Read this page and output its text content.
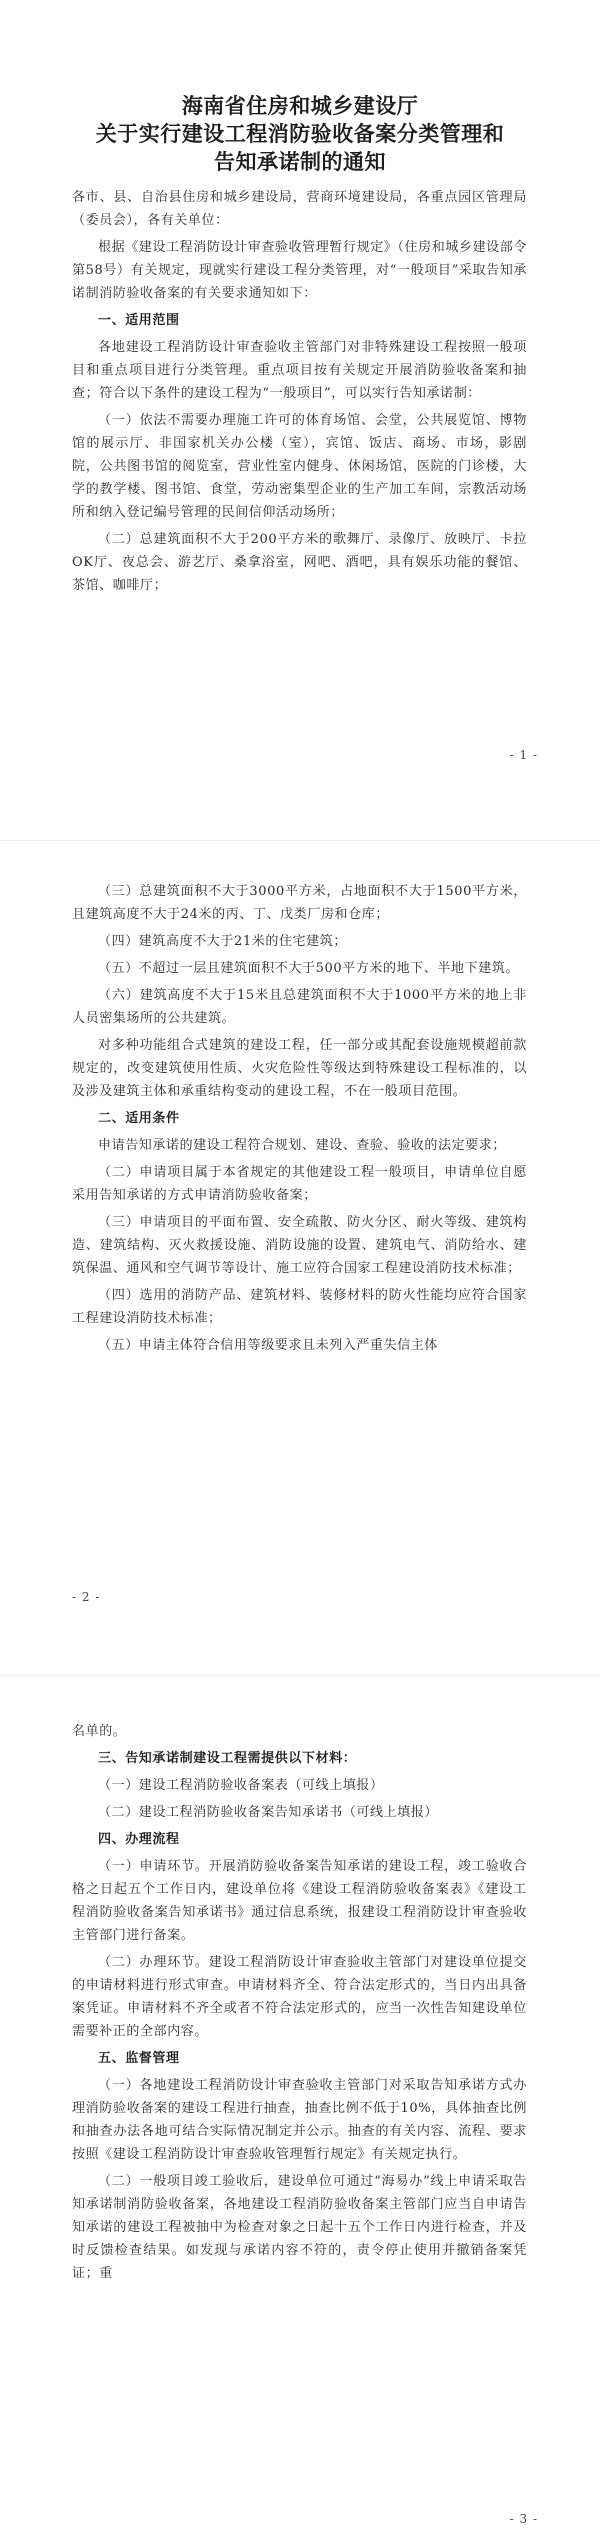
海南省住房和城乡建设厅
关于实行建设工程消防验收备案分类管理和
告知承诺制的通知

各市、县、自治县住房和城乡建设局，营商环境建设局，各重点园区管理局（委员会），各有关单位：

根据《建设工程消防设计审查验收管理暂行规定》（住房和城乡建设部令第58号）有关规定，现就实行建设工程分类管理，对“一般项目”采取告知承诺制消防验收备案的有关要求通知如下：

一、适用范围

各地建设工程消防设计审查验收主管部门对非特殊建设工程按照一般项目和重点项目进行分类管理。重点项目按有关规定开展消防验收备案和抽查；符合以下条件的建设工程为“一般项目”，可以实行告知承诺制：

（一）依法不需要办理施工许可的体育场馆、会堂，公共展览馆、博物馆的展示厅、非国家机关办公楼（室），宾馆、饭店、商场、市场，影剧院，公共图书馆的阅览室，营业性室内健身、休闲场馆，医院的门诊楼，大学的教学楼、图书馆、食堂，劳动密集型企业的生产加工车间，宗教活动场所和纳入登记编号管理的民间信仰活动场所；

（二）总建筑面积不大于200平方米的歌舞厅、录像厅、放映厅、卡拉OK厅、夜总会、游艺厅、桑拿浴室，网吧、酒吧，具有娱乐功能的餐馆、茶馆、咖啡厅；

- 1 -

（三）总建筑面积不大于3000平方米，占地面积不大于1500平方米，且建筑高度不大于24米的丙、丁、戊类厂房和仓库；

（四）建筑高度不大于21米的住宅建筑；

（五）不超过一层且建筑面积不大于500平方米的地下、半地下建筑。

（六）建筑高度不大于15米且总建筑面积不大于1000平方米的地上非人员密集场所的公共建筑。

对多种功能组合式建筑的建设工程，任一部分或其配套设施规模超前款规定的，改变建筑使用性质、火灾危险性等级达到特殊建设工程标准的，以及涉及建筑主体和承重结构变动的建设工程，不在一般项目范围。

二、适用条件

申请告知承诺的建设工程符合规划、建设、查验、验收的法定要求；

（二）申请项目属于本省规定的其他建设工程一般项目，申请单位自愿采用告知承诺的方式申请消防验收备案；

（三）申请项目的平面布置、安全疏散、防火分区、耐火等级、建筑构造、建筑结构、灭火救援设施、消防设施的设置、建筑电气、消防给水、建筑保温、通风和空气调节等设计、施工应符合国家工程建设消防技术标准；

（四）选用的消防产品、建筑材料、装修材料的防火性能均应符合国家工程建设消防技术标准；

（五）申请主体符合信用等级要求且未列入严重失信主体

- 2 -

名单的。

三、告知承诺制建设工程需提供以下材料：

（一）建设工程消防验收备案表（可线上填报）

（二）建设工程消防验收备案告知承诺书（可线上填报）

四、办理流程

（一）申请环节。开展消防验收备案告知承诺的建设工程，竣工验收合格之日起五个工作日内，建设单位将《建设工程消防验收备案表》《建设工程消防验收备案告知承诺书》通过信息系统，报建设工程消防设计审查验收主管部门进行备案。

（二）办理环节。建设工程消防设计审查验收主管部门对建设单位提交的申请材料进行形式审查。申请材料齐全、符合法定形式的，当日内出具备案凭证。申请材料不齐全或者不符合法定形式的，应当一次性告知建设单位需要补正的全部内容。

五、监督管理

（一）各地建设工程消防设计审查验收主管部门对采取告知承诺方式办理消防验收备案的建设工程进行抽查，抽查比例不低于10%，具体抽查比例和抽查办法各地可结合实际情况制定并公示。抽查的有关内容、流程、要求按照《建设工程消防设计审查验收管理暂行规定》有关规定执行。

（二）一般项目竣工验收后，建设单位可通过“海易办”线上申请采取告知承诺制消防验收备案，各地建设工程消防验收备案主管部门应当自申请告知承诺的建设工程被抽中为检查对象之日起十五个工作日内进行检查，并及时反馈检查结果。如发现与承诺内容不符的，责令停止使用并撤销备案凭证；重

- 3 -
